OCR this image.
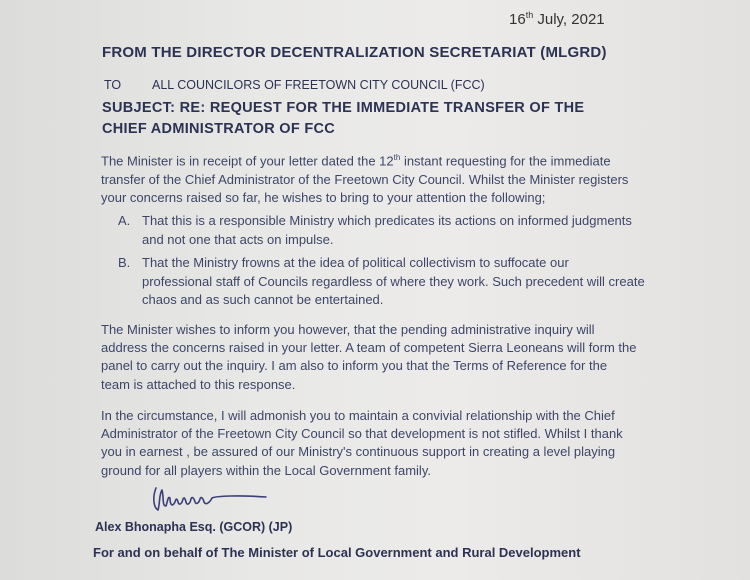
16th July, 2021
FROM THE DIRECTOR DECENTRALIZATION SECRETARIAT (MLGRD)
TO ALL COUNCILORS OF FREETOWN CITY COUNCIL (FCC)
SUBJECT: RE: REQUEST FOR THE IMMEDIATE TRANSFER OF THE
CHIEF ADMINISTRATOR OF FCC
The Minister is in receipt of your letter dated the 12th instant requesting for the immediate
transfer of the Chief Administrator of the Freetown City Council. Whilst the Minister registers
your concerns raised so far, he wishes to bring to your attention the following;
A. That this is a responsible Ministry which predicates its actions on informed judgments
and not one that acts on impulse.
B. That the Ministry frowns at the idea of political collectivism to suffocate our
professional staff of Councils regardless of where they work. Such precedent will create
chaos and as such cannot be entertained.
The Minister wishes to inform you however, that the pending administrative inquiry will
address the concerns raised in your letter. A team of competent Sierra Leoneans will form the
panel to carry out the inquiry. I am also to inform you that the Terms of Reference for the
team is attached to this response.
In the circumstance, I will admonish you to maintain a convivial relationship with the Chief
Administrator of the Freetown City Council so that development is not stifled. Whilst I thank
you in earnest , be assured of our Ministry's continuous support in creating a level playing
ground for all players within the Local Government family.
Alex Bhonapha Esq. (GCOR) (JP)
For and on behalf of The Minister of Local Government and Rural Development
